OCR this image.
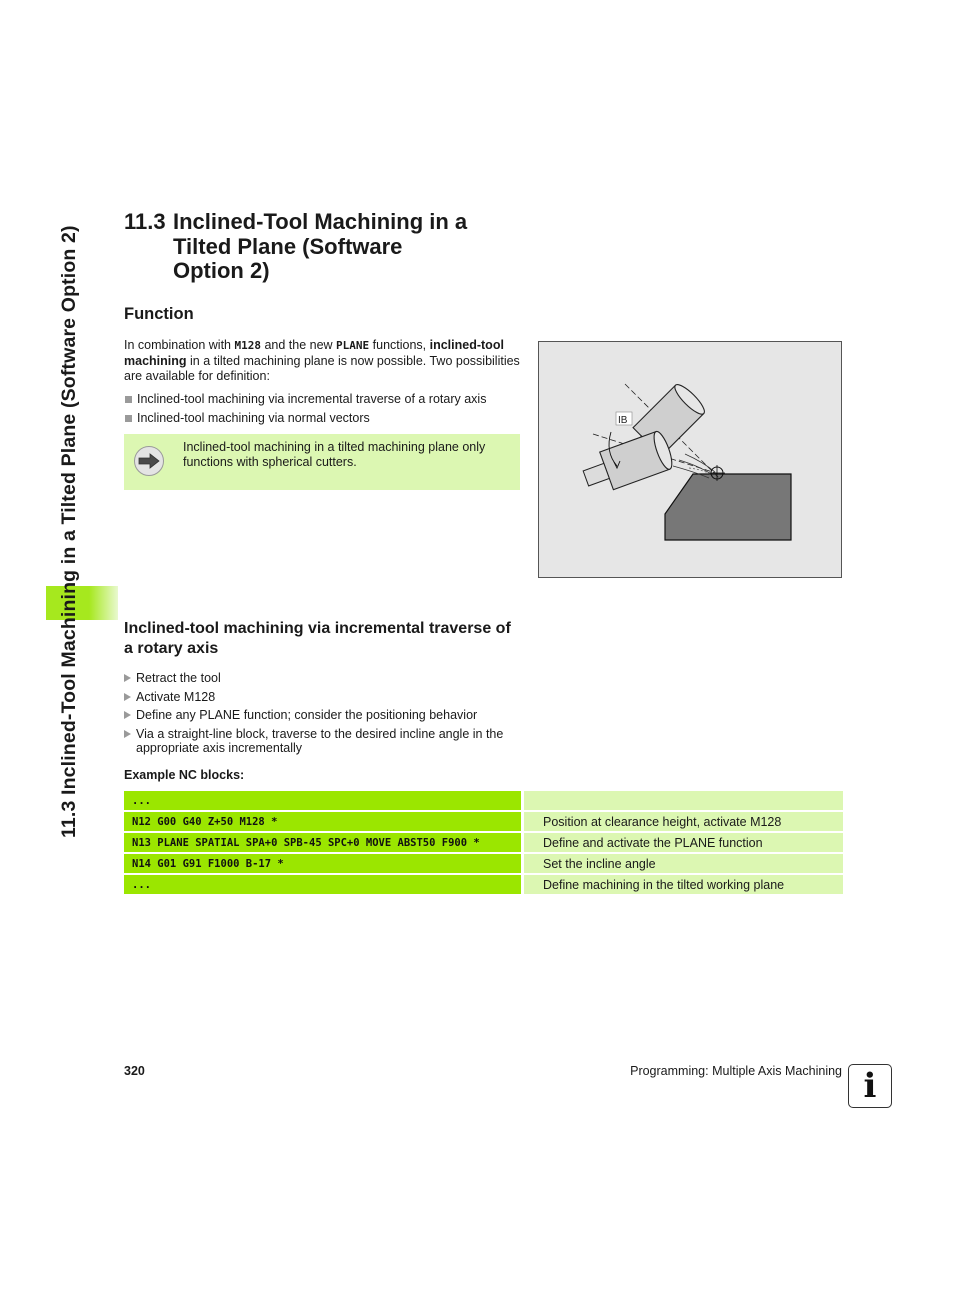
11.3 Inclined-Tool Machining in a Tilted Plane (Software Option 2)
11.3 Inclined-Tool Machining in a
Tilted Plane (Software
Option 2)
Function

In combination with M128 and the new PLANE functions, inclined-tool machining in a tilted machining plane is now possible. Two possibilities are available for definition:

Inclined-tool machining via incremental traverse of a rotary axis
Inclined-tool machining via normal vectors
Inclined-tool machining in a tilted machining plane only functions with spherical cutters.
IB
Inclined-tool machining via incremental traverse of a rotary axis
Retract the tool
Activate M128
Define any PLANE function; consider the positioning behavior
Via a straight-line block, traverse to the desired incline angle in the appropriate axis incrementally
Example NC blocks:
...	
N12 G00 G40 Z+50 M128 *	Position at clearance height, activate M128
N13 PLANE SPATIAL SPA+0 SPB-45 SPC+0 MOVE ABST50 F900 *	Define and activate the PLANE function
N14 G01 G91 F1000 B-17 *	Set the incline angle
...	Define machining in the tilted working plane
320	Programming: Multiple Axis Machining i
